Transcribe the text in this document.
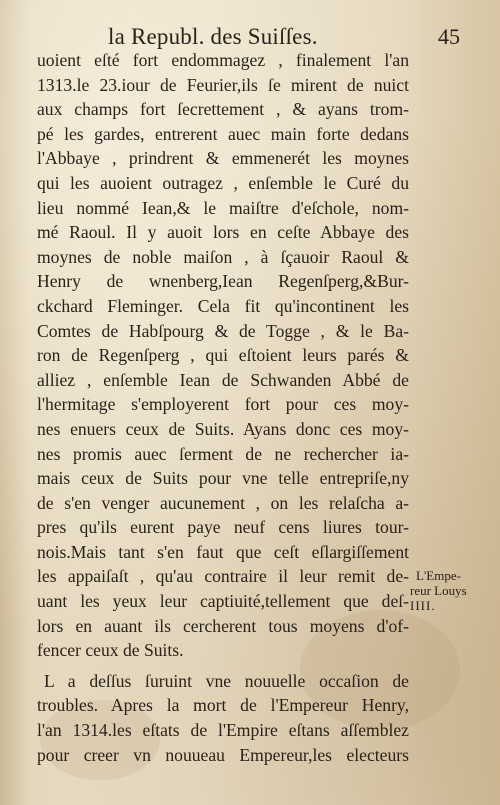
la Republ. des Suiſſes.	45
uoient eſté fort endommagez , finalement l'an
1313.le 23.iour de Feurier,ils ſe mirent de nuict
aux champs fort ſecrettement , & ayans trom-
pé les gardes, entrerent auec main forte dedans
l'Abbaye , prindrent & emmenerét les moynes
qui les auoient outragez , enſemble le Curé du
lieu nommé Iean,& le maiſtre d'eſchole, nom-
mé Raoul. Il y auoit lors en ceſte Abbaye des
moynes de noble maiſon , à ſçauoir Raoul &
Henry de wnenberg,Iean Regenſperg,&Bur-
ckchard Fleminger. Cela fit qu'incontinent les
Comtes de Habſpourg & de Togge , & le Ba-
ron de Regenſperg , qui eſtoient leurs parés &
alliez , enſemble Iean de Schwanden Abbé de
l'hermitage s'employerent fort pour ces moy-
nes enuers ceux de Suits. Ayans donc ces moy-
nes promis auec ſerment de ne rechercher ia-
mais ceux de Suits pour vne telle entrepriſe,ny
de s'en venger aucunement , on les relaſcha a-
pres qu'ils eurent paye neuf cens liures tour-
nois.Mais tant s'en faut que ceſt eſlargiſſement
les appaiſaſt , qu'au contraire il leur remit de-
uant les yeux leur captiuité,tellement que deſ-
lors en auant ils cercherent tous moyens d'of-
fencer ceux de Suits.
L a deſſus ſuruint vne nouuelle occaſion de
troubles. Apres la mort de l'Empereur Henry,
l'an 1314.les eſtats de l'Empire eſtans aſſemblez
pour creer vn nouueau Empereur,les electeurs
L'Empe-
reur Louys
IIII.
